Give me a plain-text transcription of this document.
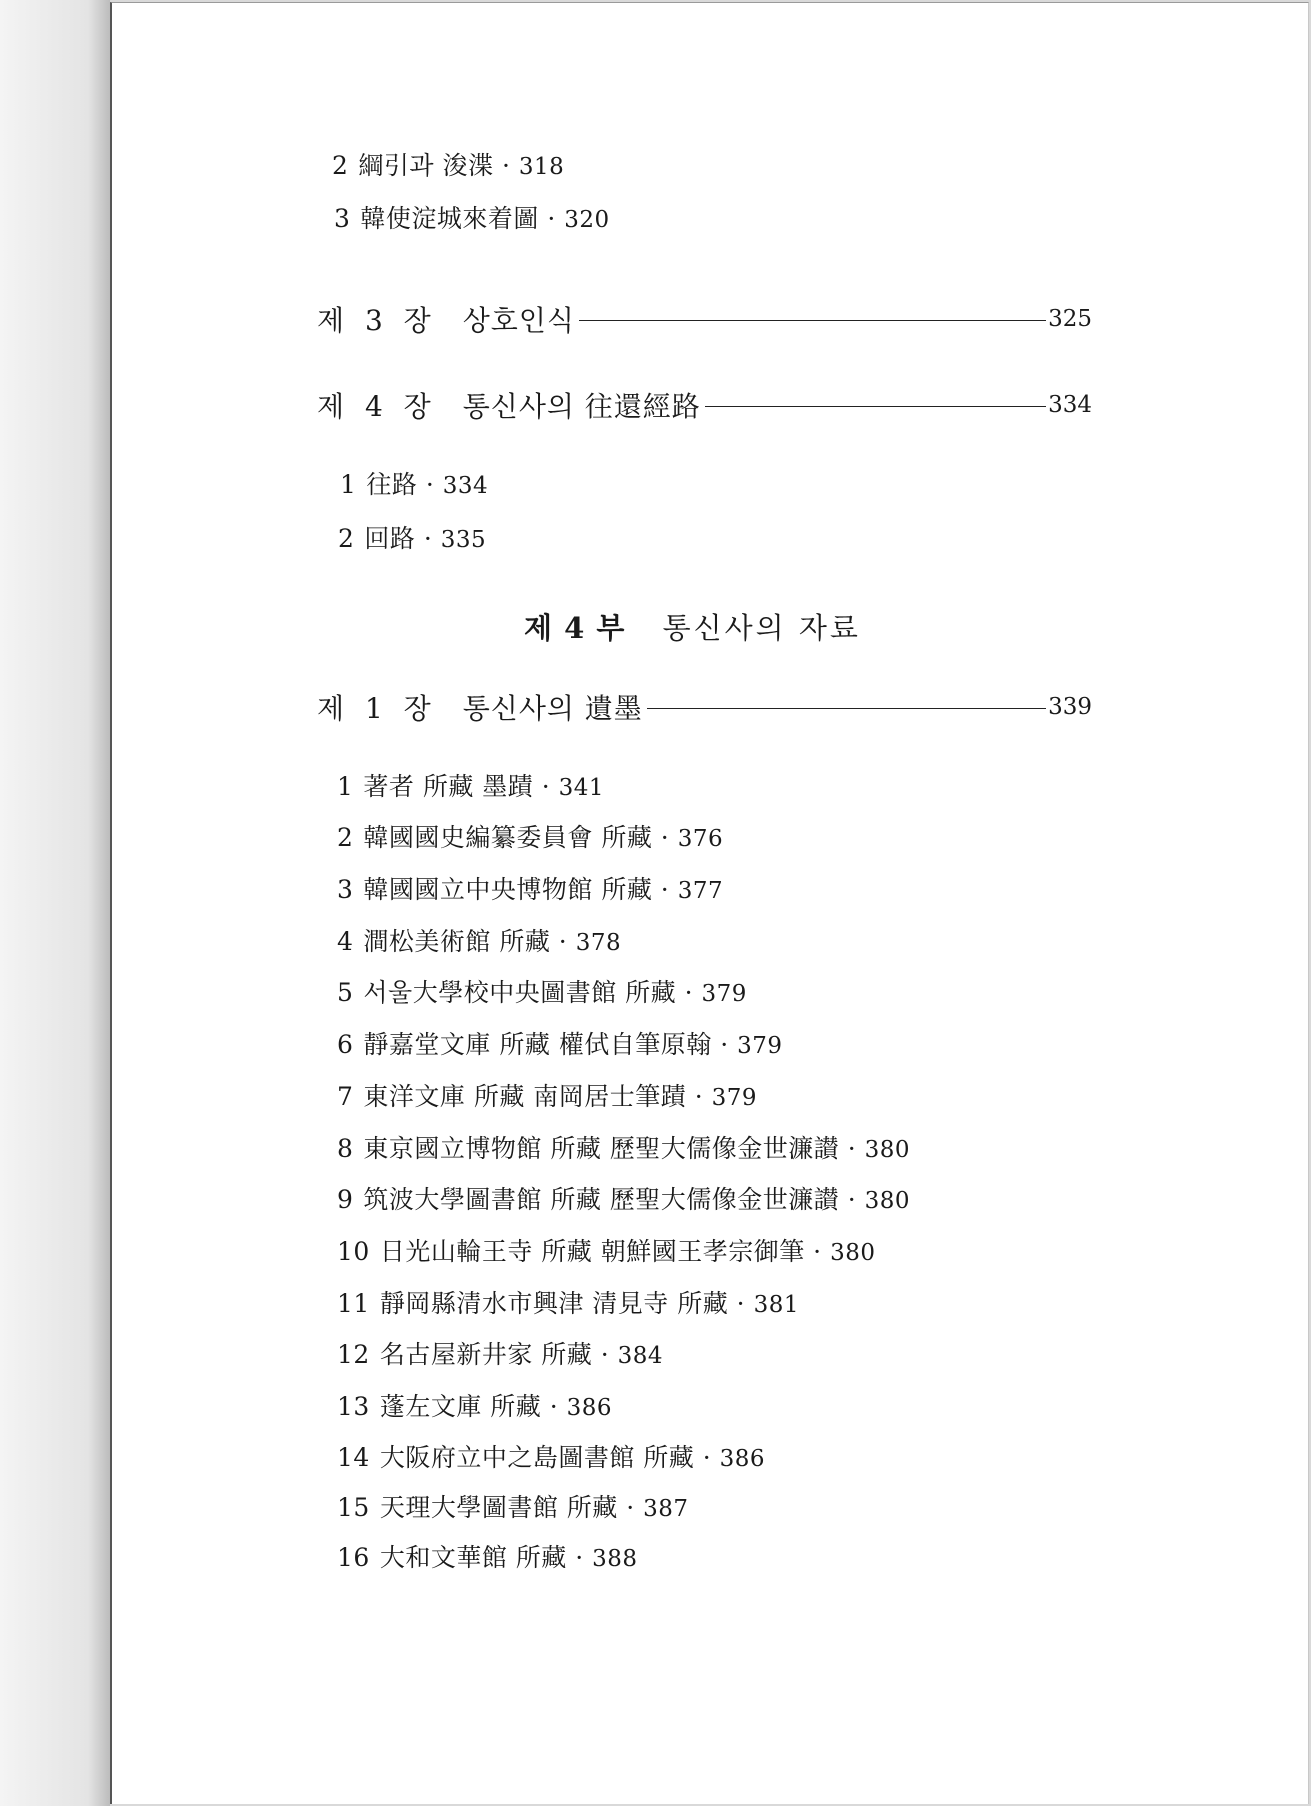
2 綱引과 浚渫 · 318
3 韓使淀城來着圖 · 320
제 3 장 상호인식	325
제 4 장 통신사의 往還經路	334
1 往路 · 334
2 回路 · 335
제 4 부 통신사의 자료
제 1 장 통신사의 遺墨	339
1 著者 所藏 墨蹟 · 341
2 韓國國史編纂委員會 所藏 · 376
3 韓國國立中央博物館 所藏 · 377
4 澗松美術館 所藏 · 378
5 서울大學校中央圖書館 所藏 · 379
6 靜嘉堂文庫 所藏 權侙自筆原翰 · 379
7 東洋文庫 所藏 南岡居士筆蹟 · 379
8 東京國立博物館 所藏 歷聖大儒像金世濂讃 · 380
9 筑波大學圖書館 所藏 歷聖大儒像金世濂讃 · 380
10 日光山輪王寺 所藏 朝鮮國王孝宗御筆 · 380
11 靜岡縣清水市興津 清見寺 所藏 · 381
12 名古屋新井家 所藏 · 384
13 蓬左文庫 所藏 · 386
14 大阪府立中之島圖書館 所藏 · 386
15 天理大學圖書館 所藏 · 387
16 大和文華館 所藏 · 388
